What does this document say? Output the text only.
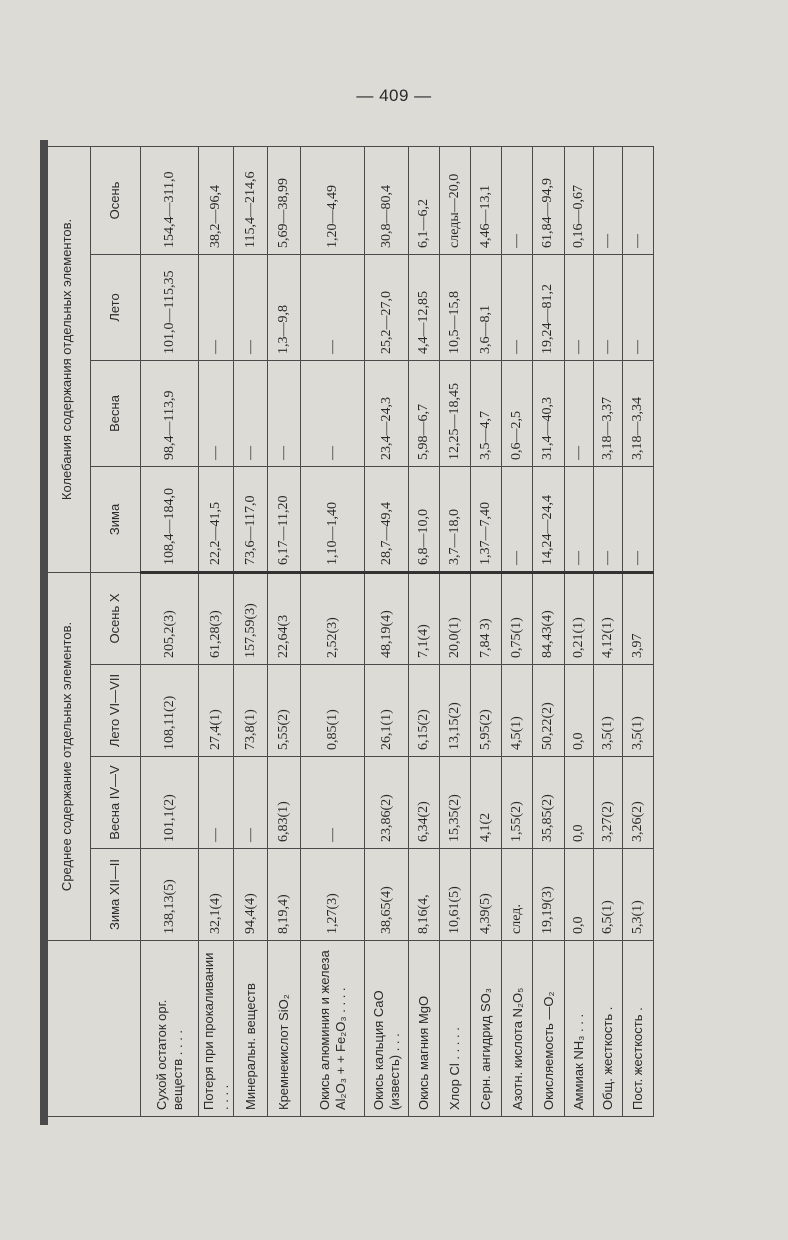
— 409 —
	Среднее содержание отдельных элементов.				Колебания содержания отдельных элементов.			
	Зима XII—II	Весна IV—V	Лето VI—VII	Осень X	Зима	Весна	Лето	Осень
Сухой остаток орг. веществ . . . .	138,13(5)	101,1(2)	108,11(2)	205,2(3)	108,4—184,0	98,4—113,9	101,0—115,35	154,4—311,0
Потеря при прокаливании . . . .	32,1(4)	—	27,4(1)	61,28(3)	22,2—41,5	—	—	38,2—96,4
Минеральн. веществ	94,4(4)	—	73,8(1)	157,59(3)	73,6—117,0	—	—	115,4—214,6
Кремнекислот SiO₂	8,19,4)	6,83(1)	5,55(2)	22,64(3	6,17—11,20	—	1,3—9,8	5,69—38,99
Окись алюминия и железа Al₂O₃ + + Fe₂O₃ . . . .	1,27(3)	—	0,85(1)	2,52(3)	1,10—1,40	—	—	1,20—4,49
Окись кальция CaO (известь) . . .	38,65(4)	23,86(2)	26,1(1)	48,19(4)	28,7—49,4	23,4—24,3	25,2—27,0	30,8—80,4
Окись магния MgO	8,16(4,	6,34(2)	6,15(2)	7,1(4)	6,8—10,0	5,98—6,7	4,4—12,85	6,1—6,2
Хлор Cl . . . . .	10,61(5)	15,35(2)	13,15(2)	20,0(1)	3,7—18,0	12,25—18,45	10,5—15,8	следы—20,0
Серн. ангидрид SO₃	4,39(5)	4,1(2	5,95(2)	7,84 3)	1,37—7,40	3,5—4,7	3,6—8,1	4,46—13,1
Азотн. кислота N₂O₅	след.	1,55(2)	4,5(1)	0,75(1)	—	0,6—2,5	—	—
Окисляемость —O₂	19,19(3)	35,85(2)	50,22(2)	84,43(4)	14,24—24,4	31,4—40,3	19,24—81,2	61,84—94,9
Аммиак NH₃ . . .	0,0	0,0	0,0	0,21(1)	—	—	—	0,16—0,67
Общ. жесткость .	6,5(1)	3,27(2)	3,5(1)	4,12(1)	—	3,18—3,37	—	—
Пост. жесткость .	5,3(1)	3,26(2)	3,5(1)	3,97	—	3,18—3,34	—	—
